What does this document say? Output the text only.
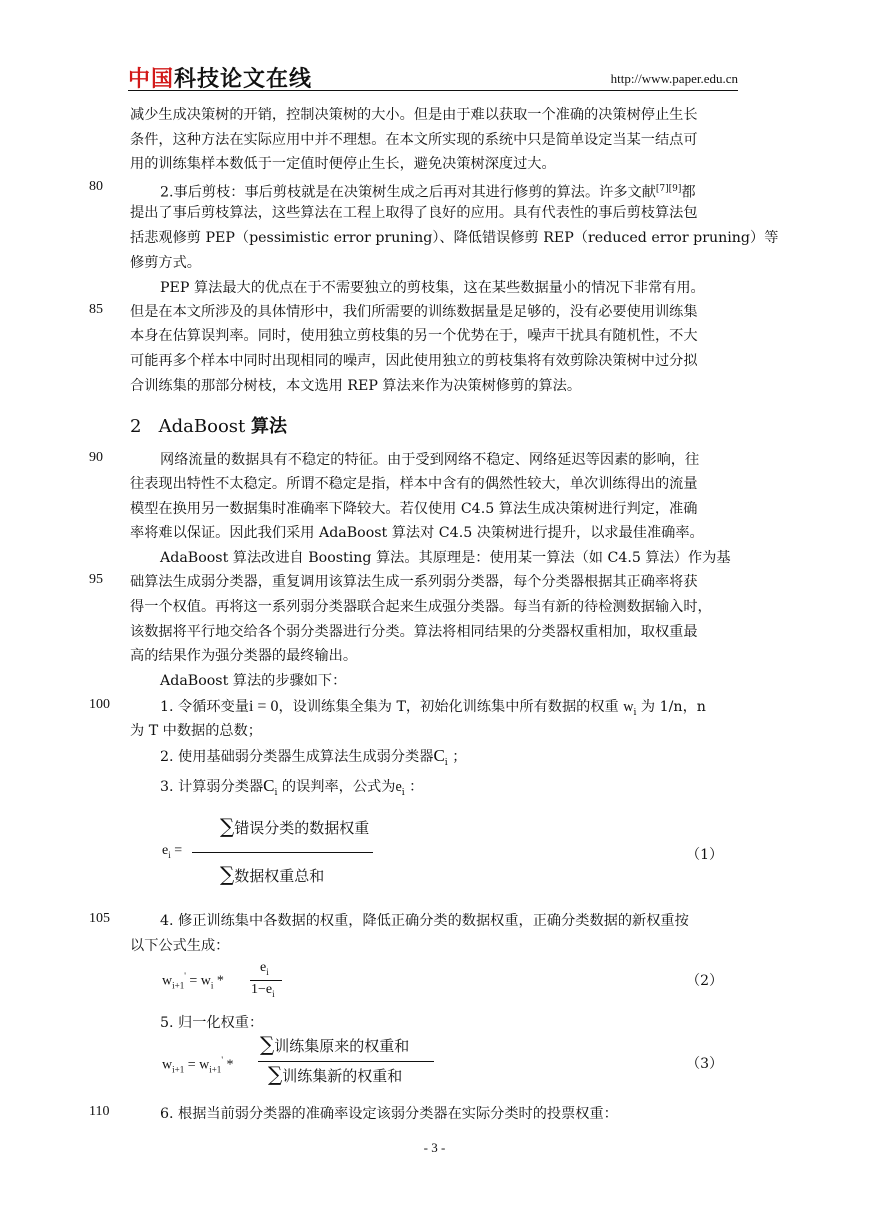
中国科技论文在线	http://www.paper.edu.cn
减少生成决策树的开销，控制决策树的大小。但是由于难以获取一个准确的决策树停止生长
条件，这种方法在实际应用中并不理想。在本文所实现的系统中只是简单设定当某一结点可
用的训练集样本数低于一定值时便停止生长，避免决策树深度过大。
80	2.事后剪枝：事后剪枝就是在决策树生成之后再对其进行修剪的算法。许多文献[7][9]都
提出了事后剪枝算法，这些算法在工程上取得了良好的应用。具有代表性的事后剪枝算法包
括悲观修剪 PEP（pessimistic error pruning）、降低错误修剪 REP（reduced error pruning）等
修剪方式。
PEP 算法最大的优点在于不需要独立的剪枝集，这在某些数据量小的情况下非常有用。
85 但是在本文所涉及的具体情形中，我们所需要的训练数据量是足够的，没有必要使用训练集
本身在估算误判率。同时，使用独立剪枝集的另一个优势在于，噪声干扰具有随机性，不大
可能再多个样本中同时出现相同的噪声，因此使用独立的剪枝集将有效剪除决策树中过分拟
合训练集的那部分树枝，本文选用 REP 算法来作为决策树修剪的算法。
2 AdaBoost 算法
90	网络流量的数据具有不稳定的特征。由于受到网络不稳定、网络延迟等因素的影响，往
往表现出特性不太稳定。所谓不稳定是指，样本中含有的偶然性较大，单次训练得出的流量
模型在换用另一数据集时准确率下降较大。若仅使用 C4.5 算法生成决策树进行判定，准确
率将难以保证。因此我们采用 AdaBoost 算法对 C4.5 决策树进行提升，以求最佳准确率。
AdaBoost 算法改进自 Boosting 算法。其原理是：使用某一算法（如 C4.5 算法）作为基
95 础算法生成弱分类器，重复调用该算法生成一系列弱分类器，每个分类器根据其正确率将获
得一个权值。再将这一系列弱分类器联合起来生成强分类器。每当有新的待检测数据输入时，
该数据将平行地交给各个弱分类器进行分类。算法将相同结果的分类器权重相加，取权重最
高的结果作为强分类器的最终输出。
AdaBoost 算法的步骤如下：
100	1. 令循环变量i = 0，设训练集全集为 T，初始化训练集中所有数据的权重 $w_i$ 为 1/n，n
为 T 中数据的总数；
2. 使用基础弱分类器生成算法生成弱分类器$C_i$ ；
3. 计算弱分类器$C_i$ 的误判率，公式为$e_i$ ：
$e_i$ =
∑错误分类的数据权重
∑数据权重总和
（1）
105	4. 修正训练集中各数据的权重，降低正确分类的数据权重，正确分类数据的新权重按
以下公式生成：
$w_{i+1}' = w_i$ *
$e_i$
$1-e_i$
（2）
5. 归一化权重：
$w_{i+1} = w_{i+1}'$ *
∑训练集原来的权重和
∑训练集新的权重和
（3）
110	6. 根据当前弱分类器的准确率设定该弱分类器在实际分类时的投票权重：
- 3 -
